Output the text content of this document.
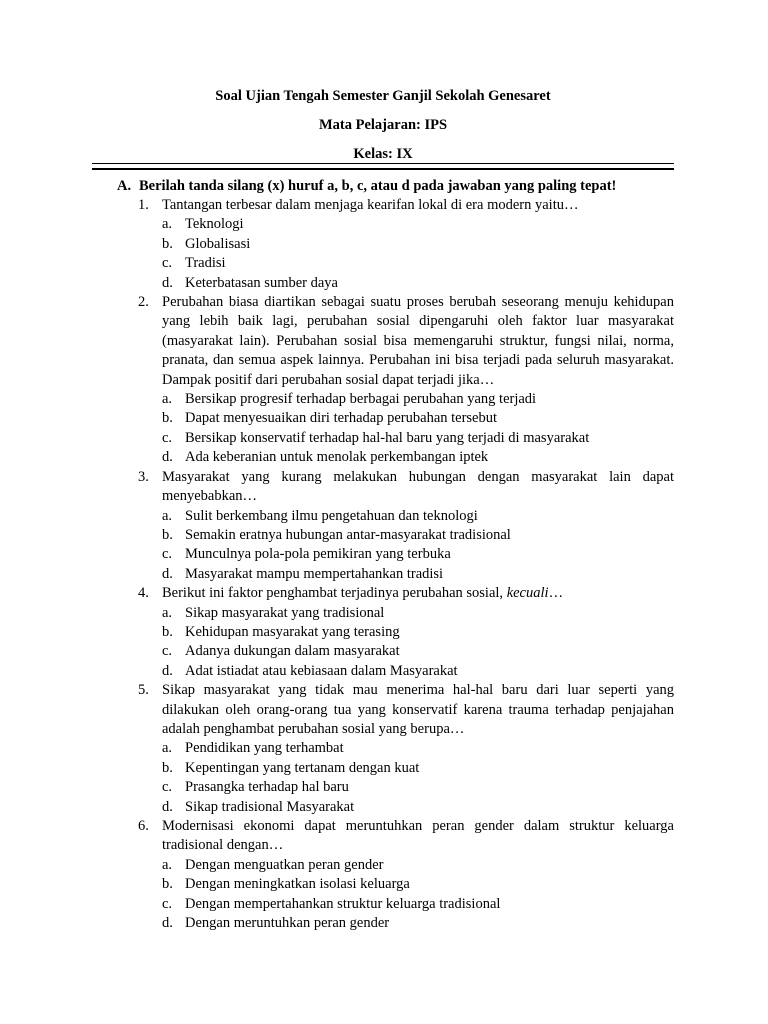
Soal Ujian Tengah Semester Ganjil Sekolah Genesaret
Mata Pelajaran: IPS
Kelas: IX
A. Berilah tanda silang (x) huruf a, b, c, atau d pada jawaban yang paling tepat!
1. Tantangan terbesar dalam menjaga kearifan lokal di era modern yaitu…
a. Teknologi
b. Globalisasi
c. Tradisi
d. Keterbatasan sumber daya
2. Perubahan biasa diartikan sebagai suatu proses berubah seseorang menuju kehidupan yang lebih baik lagi, perubahan sosial dipengaruhi oleh faktor luar masyarakat (masyarakat lain). Perubahan sosial bisa memengaruhi struktur, fungsi nilai, norma, pranata, dan semua aspek lainnya. Perubahan ini bisa terjadi pada seluruh masyarakat. Dampak positif dari perubahan sosial dapat terjadi jika…
a. Bersikap progresif terhadap berbagai perubahan yang terjadi
b. Dapat menyesuaikan diri terhadap perubahan tersebut
c. Bersikap konservatif terhadap hal-hal baru yang terjadi di masyarakat
d. Ada keberanian untuk menolak perkembangan iptek
3. Masyarakat yang kurang melakukan hubungan dengan masyarakat lain dapat menyebabkan…
a. Sulit berkembang ilmu pengetahuan dan teknologi
b. Semakin eratnya hubungan antar-masyarakat tradisional
c. Munculnya pola-pola pemikiran yang terbuka
d. Masyarakat mampu mempertahankan tradisi
4. Berikut ini faktor penghambat terjadinya perubahan sosial, kecuali…
a. Sikap masyarakat yang tradisional
b. Kehidupan masyarakat yang terasing
c. Adanya dukungan dalam masyarakat
d. Adat istiadat atau kebiasaan dalam Masyarakat
5. Sikap masyarakat yang tidak mau menerima hal-hal baru dari luar seperti yang dilakukan oleh orang-orang tua yang konservatif karena trauma terhadap penjajahan adalah penghambat perubahan sosial yang berupa…
a. Pendidikan yang terhambat
b. Kepentingan yang tertanam dengan kuat
c. Prasangka terhadap hal baru
d. Sikap tradisional Masyarakat
6. Modernisasi ekonomi dapat meruntuhkan peran gender dalam struktur keluarga tradisional dengan…
a. Dengan menguatkan peran gender
b. Dengan meningkatkan isolasi keluarga
c. Dengan mempertahankan struktur keluarga tradisional
d. Dengan meruntuhkan peran gender
